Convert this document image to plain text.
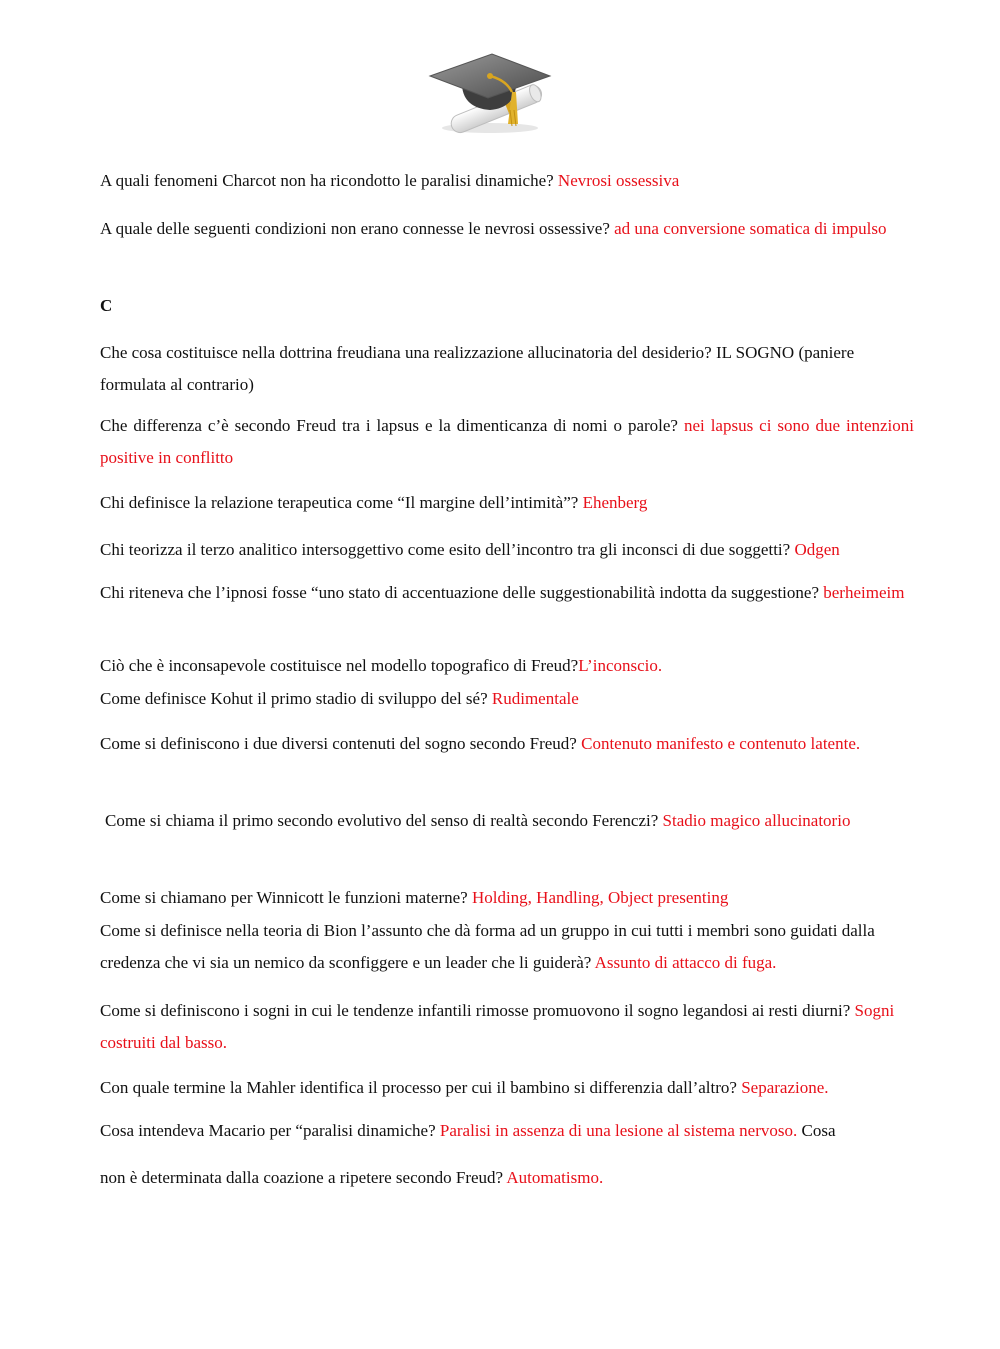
A quali fenomeni Charcot non ha ricondotto le paralisi dinamiche? Nevrosi ossessiva

A quale delle seguenti condizioni non erano connesse le nevrosi ossessive? ad una conversione somatica di impulso

C

Che cosa costituisce nella dottrina freudiana una realizzazione allucinatoria del desiderio? IL SOGNO (paniere formulata al contrario)

Che differenza c’è secondo Freud tra i lapsus e la dimenticanza di nomi o parole? nei lapsus ci sono due intenzioni positive in conflitto

Chi definisce la relazione terapeutica come “Il margine dell’intimità”? Ehenberg

Chi teorizza il terzo analitico intersoggettivo come esito dell’incontro tra gli inconsci di due soggetti? Odgen

Chi riteneva che l’ipnosi fosse “uno stato di accentuazione delle suggestionabilità indotta da suggestione? berheimeim

Ciò che è inconsapevole costituisce nel modello topografico di Freud?L’inconscio.

Come definisce Kohut il primo stadio di sviluppo del sé? Rudimentale

Come si definiscono i due diversi contenuti del sogno secondo Freud? Contenuto manifesto e contenuto latente.

Come si chiama il primo secondo evolutivo del senso di realtà secondo Ferenczi? Stadio magico allucinatorio

Come si chiamano per Winnicott le funzioni materne? Holding, Handling, Object presenting

Come si definisce nella teoria di Bion l’assunto che dà forma ad un gruppo in cui tutti i membri sono guidati dalla credenza che vi sia un nemico da sconfiggere e un leader che li guiderà? Assunto di attacco di fuga.

Come si definiscono i sogni in cui le tendenze infantili rimosse promuovono il sogno legandosi ai resti diurni? Sogni costruiti dal basso.

Con quale termine la Mahler identifica il processo per cui il bambino si differenzia dall’altro? Separazione.

Cosa intendeva Macario per “paralisi dinamiche? Paralisi in assenza di una lesione al sistema nervoso. Cosa

non è determinata dalla coazione a ripetere secondo Freud? Automatismo.
